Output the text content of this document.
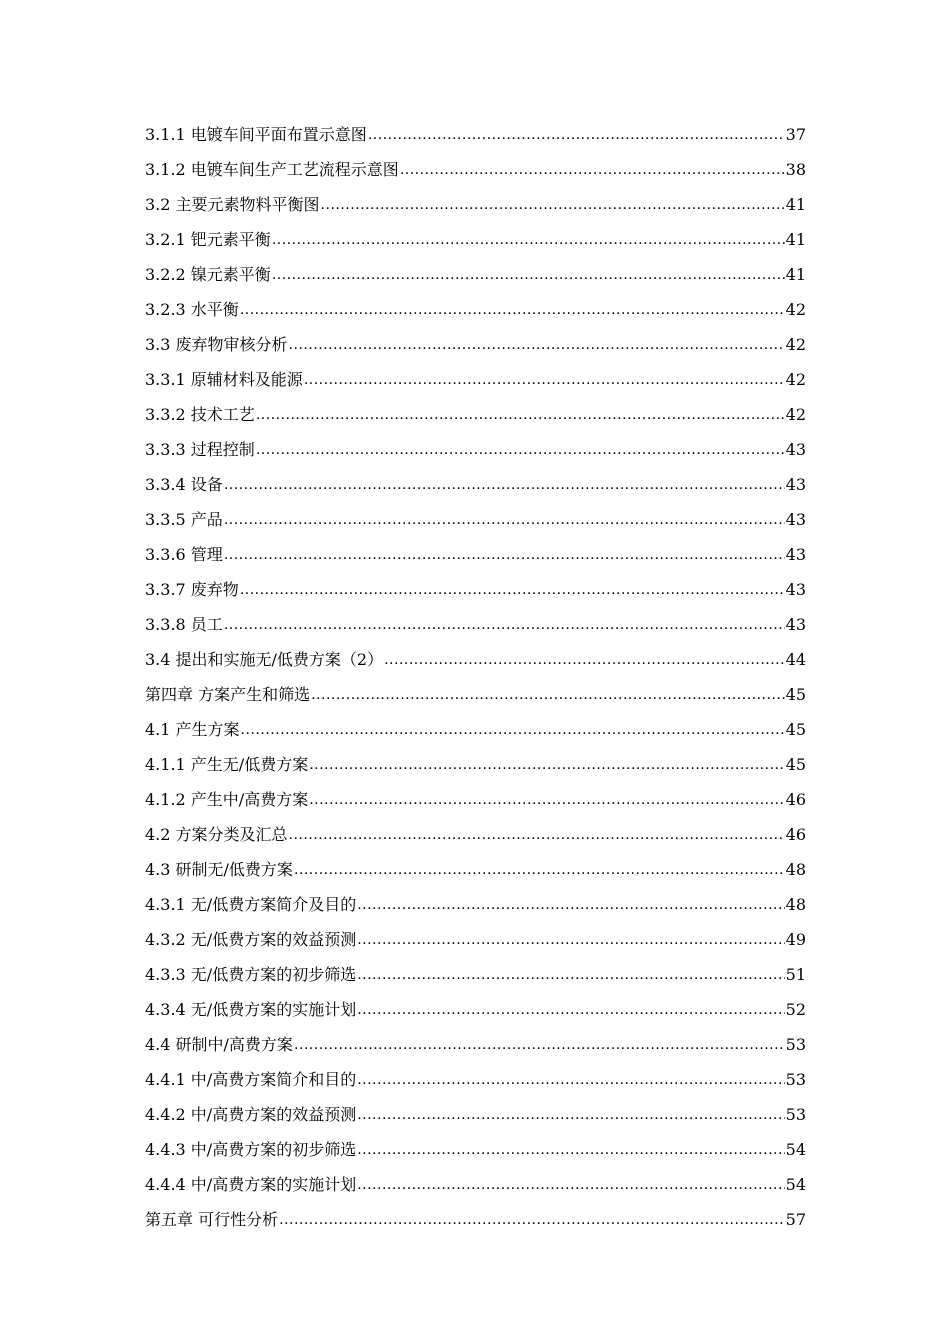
3.1.1 电镀车间平面布置示意图 .....	37
3.1.2 电镀车间生产工艺流程示意图 .....	38
3.2 主要元素物料平衡图 .....	41
3.2.1 钯元素平衡 .....	41
3.2.2 镍元素平衡 .....	41
3.2.3 水平衡 .....	42
3.3 废弃物审核分析 .....	42
3.3.1 原辅材料及能源 .....	42
3.3.2 技术工艺 .....	42
3.3.3 过程控制 .....	43
3.3.4 设备 .....	43
3.3.5 产品 .....	43
3.3.6 管理 .....	43
3.3.7 废弃物 .....	43
3.3.8 员工 .....	43
3.4 提出和实施无/低费方案（2） .....	44
第四章 方案产生和筛选 .....	45
4.1 产生方案 .....	45
4.1.1 产生无/低费方案 .....	45
4.1.2 产生中/高费方案 .....	46
4.2 方案分类及汇总 .....	46
4.3 研制无/低费方案 .....	48
4.3.1 无/低费方案简介及目的 .....	48
4.3.2 无/低费方案的效益预测 .....	49
4.3.3 无/低费方案的初步筛选 .....	51
4.3.4 无/低费方案的实施计划 .....	52
4.4 研制中/高费方案 .....	53
4.4.1 中/高费方案简介和目的 .....	53
4.4.2 中/高费方案的效益预测 .....	53
4.4.3 中/高费方案的初步筛选 .....	54
4.4.4 中/高费方案的实施计划 .....	54
第五章 可行性分析 .....	57
